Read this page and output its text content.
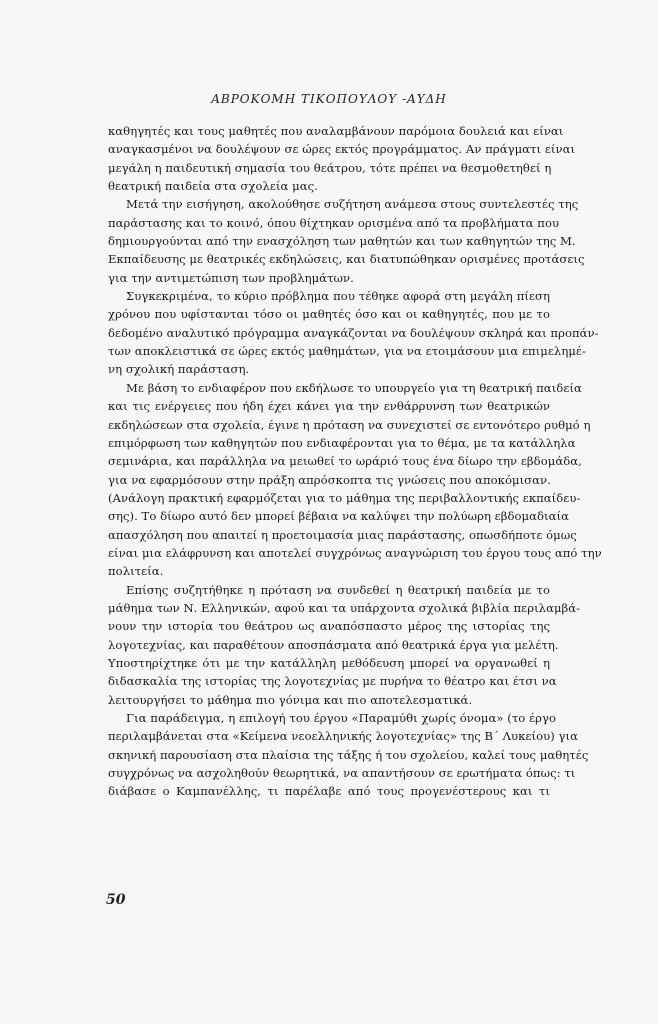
ΑΒΡΟΚΟΜΗ ΤΙΚΟΠΟΥΛΟΥ -ΑΥΔΗ
καθηγητές και τους μαθητές που αναλαμβάνουν παρόμοια δουλειά και είναι
αναγκασμένοι να δουλέψουν σε ώρες εκτός προγράμματος. Αν πράγματι είναι
μεγάλη η παιδευτική σημασία του θεάτρου, τότε πρέπει να θεσμοθετηθεί η
θεατρική παιδεία στα σχολεία μας.
Μετά την εισήγηση, ακολούθησε συζήτηση ανάμεσα στους συντελεστές της
παράστασης και το κοινό, όπου θίχτηκαν ορισμένα από τα προβλήματα που
δημιουργούνται από την ενασχόληση των μαθητών και των καθηγητών της Μ.
Εκπαίδευσης με θεατρικές εκδηλώσεις, και διατυπώθηκαν ορισμένες προτάσεις
για την αντιμετώπιση των προβλημάτων.
Συγκεκριμένα, το κύριο πρόβλημα που τέθηκε αφορά στη μεγάλη πίεση
χρόνου που υφίστανται τόσο οι μαθητές όσο και οι καθηγητές, που με το
δεδομένο αναλυτικό πρόγραμμα αναγκάζονται να δουλέψουν σκληρά και προπάν-
των αποκλειστικά σε ώρες εκτός μαθημάτων, για να ετοιμάσουν μια επιμελημέ-
νη σχολική παράσταση.
Με βάση το ενδιαφέρον που εκδήλωσε το υπουργείο για τη θεατρική παιδεία
και τις ενέργειες που ήδη έχει κάνει για την ενθάρρυνση των θεατρικών
εκδηλώσεων στα σχολεία, έγινε η πρόταση να συνεχιστεί σε εντονότερο ρυθμό η
επιμόρφωση των καθηγητών που ενδιαφέρονται για το θέμα, με τα κατάλληλα
σεμινάρια, και παράλληλα να μειωθεί το ωράριό τους ένα δίωρο την εβδομάδα,
για να εφαρμόσουν στην πράξη απρόσκοπτα τις γνώσεις που αποκόμισαν.
(Ανάλογη πρακτική εφαρμόζεται για το μάθημα της περιβαλλοντικής εκπαίδευ-
σης). Το δίωρο αυτό δεν μπορεί βέβαια να καλύψει την πολύωρη εβδομαδιαία
απασχόληση που απαιτεί η προετοιμασία μιας παράστασης, οπωσδήποτε όμως
είναι μια ελάφρυνση και αποτελεί συγχρόνως αναγνώριση του έργου τους από την
πολιτεία.
Επίσης συζητήθηκε η πρόταση να συνδεθεί η θεατρική παιδεία με το
μάθημα των Ν. Ελληνικών, αφού και τα υπάρχοντα σχολικά βιβλία περιλαμβά-
νουν την ιστορία του θεάτρου ως αναπόσπαστο μέρος της ιστορίας της
λογοτεχνίας, και παραθέτουν αποσπάσματα από θεατρικά έργα για μελέτη.
Υποστηρίχτηκε ότι με την κατάλληλη μεθόδευση μπορεί να οργανωθεί η
διδασκαλία της ιστορίας της λογοτεχνίας με πυρήνα το θέατρο και έτσι να
λειτουργήσει το μάθημα πιο γόνιμα και πιο αποτελεσματικά.
Για παράδειγμα, η επιλογή του έργου «Παραμύθι χωρίς όνομα» (το έργο
περιλαμβάνεται στα «Κείμενα νεοελληνικής λογοτεχνίας» της Β΄ Λυκείου) για
σκηνική παρουσίαση στα πλαίσια της τάξης ή του σχολείου, καλεί τους μαθητές
συγχρόνως να ασχοληθούν θεωρητικά, να απαντήσουν σε ερωτήματα όπως: τι
διάβασε ο Καμπανέλλης, τι παρέλαβε από τους προγενέστερους και τι
50
